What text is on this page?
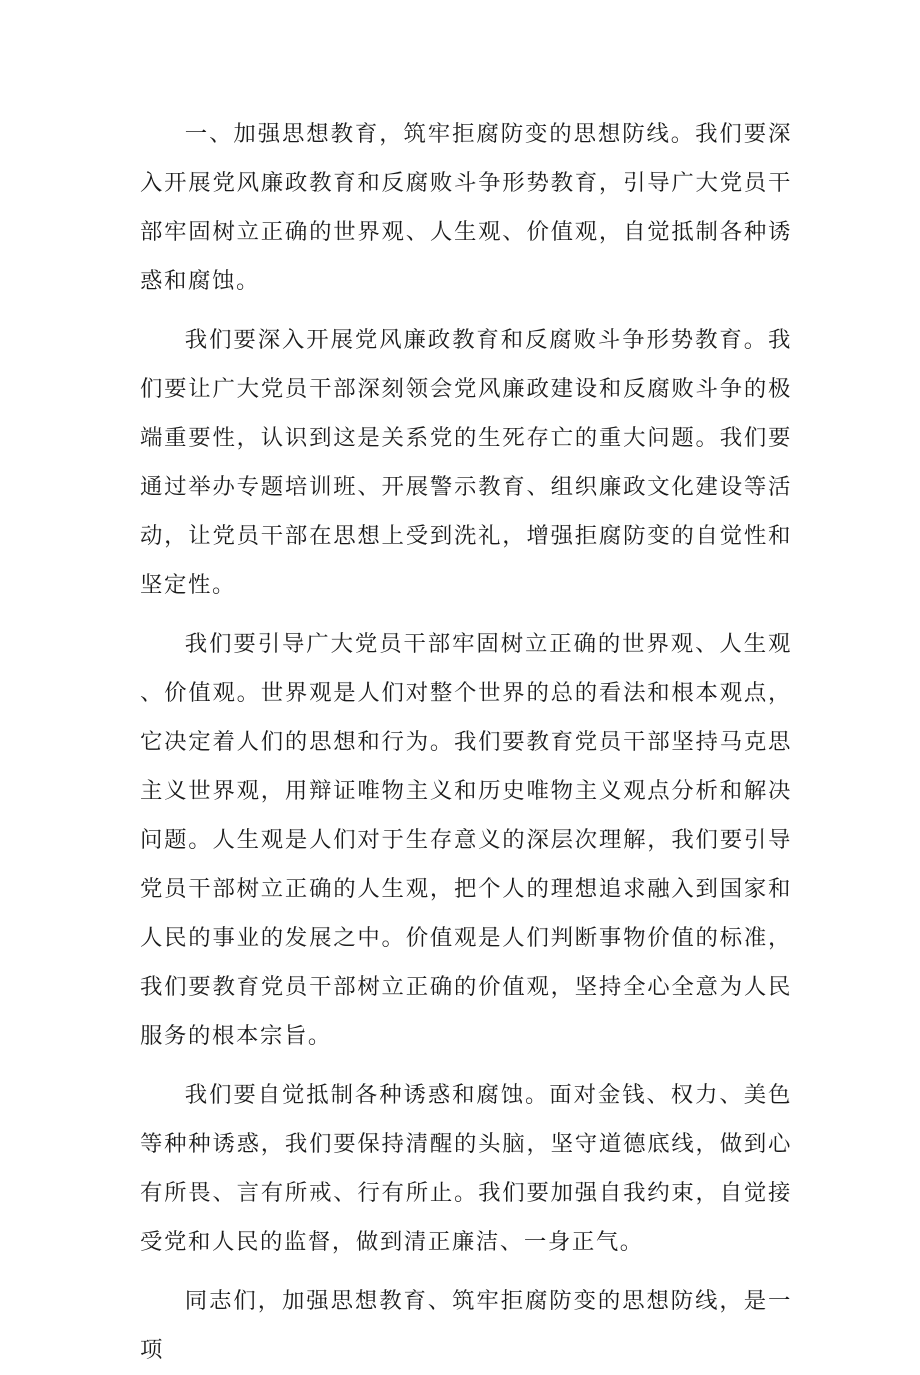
一、加强思想教育，筑牢拒腐防变的思想防线。我们要深入开展党风廉政教育和反腐败斗争形势教育，引导广大党员干部牢固树立正确的世界观、人生观、价值观，自觉抵制各种诱惑和腐蚀。

我们要深入开展党风廉政教育和反腐败斗争形势教育。我们要让广大党员干部深刻领会党风廉政建设和反腐败斗争的极端重要性，认识到这是关系党的生死存亡的重大问题。我们要通过举办专题培训班、开展警示教育、组织廉政文化建设等活动，让党员干部在思想上受到洗礼，增强拒腐防变的自觉性和坚定性。

我们要引导广大党员干部牢固树立正确的世界观、人生观、价值观。世界观是人们对整个世界的总的看法和根本观点，它决定着人们的思想和行为。我们要教育党员干部坚持马克思主义世界观，用辩证唯物主义和历史唯物主义观点分析和解决问题。人生观是人们对于生存意义的深层次理解，我们要引导党员干部树立正确的人生观，把个人的理想追求融入到国家和人民的事业的发展之中。价值观是人们判断事物价值的标准，我们要教育党员干部树立正确的价值观，坚持全心全意为人民服务的根本宗旨。

我们要自觉抵制各种诱惑和腐蚀。面对金钱、权力、美色等种种诱惑，我们要保持清醒的头脑，坚守道德底线，做到心有所畏、言有所戒、行有所止。我们要加强自我约束，自觉接受党和人民的监督，做到清正廉洁、一身正气。

同志们，加强思想教育、筑牢拒腐防变的思想防线，是一项
